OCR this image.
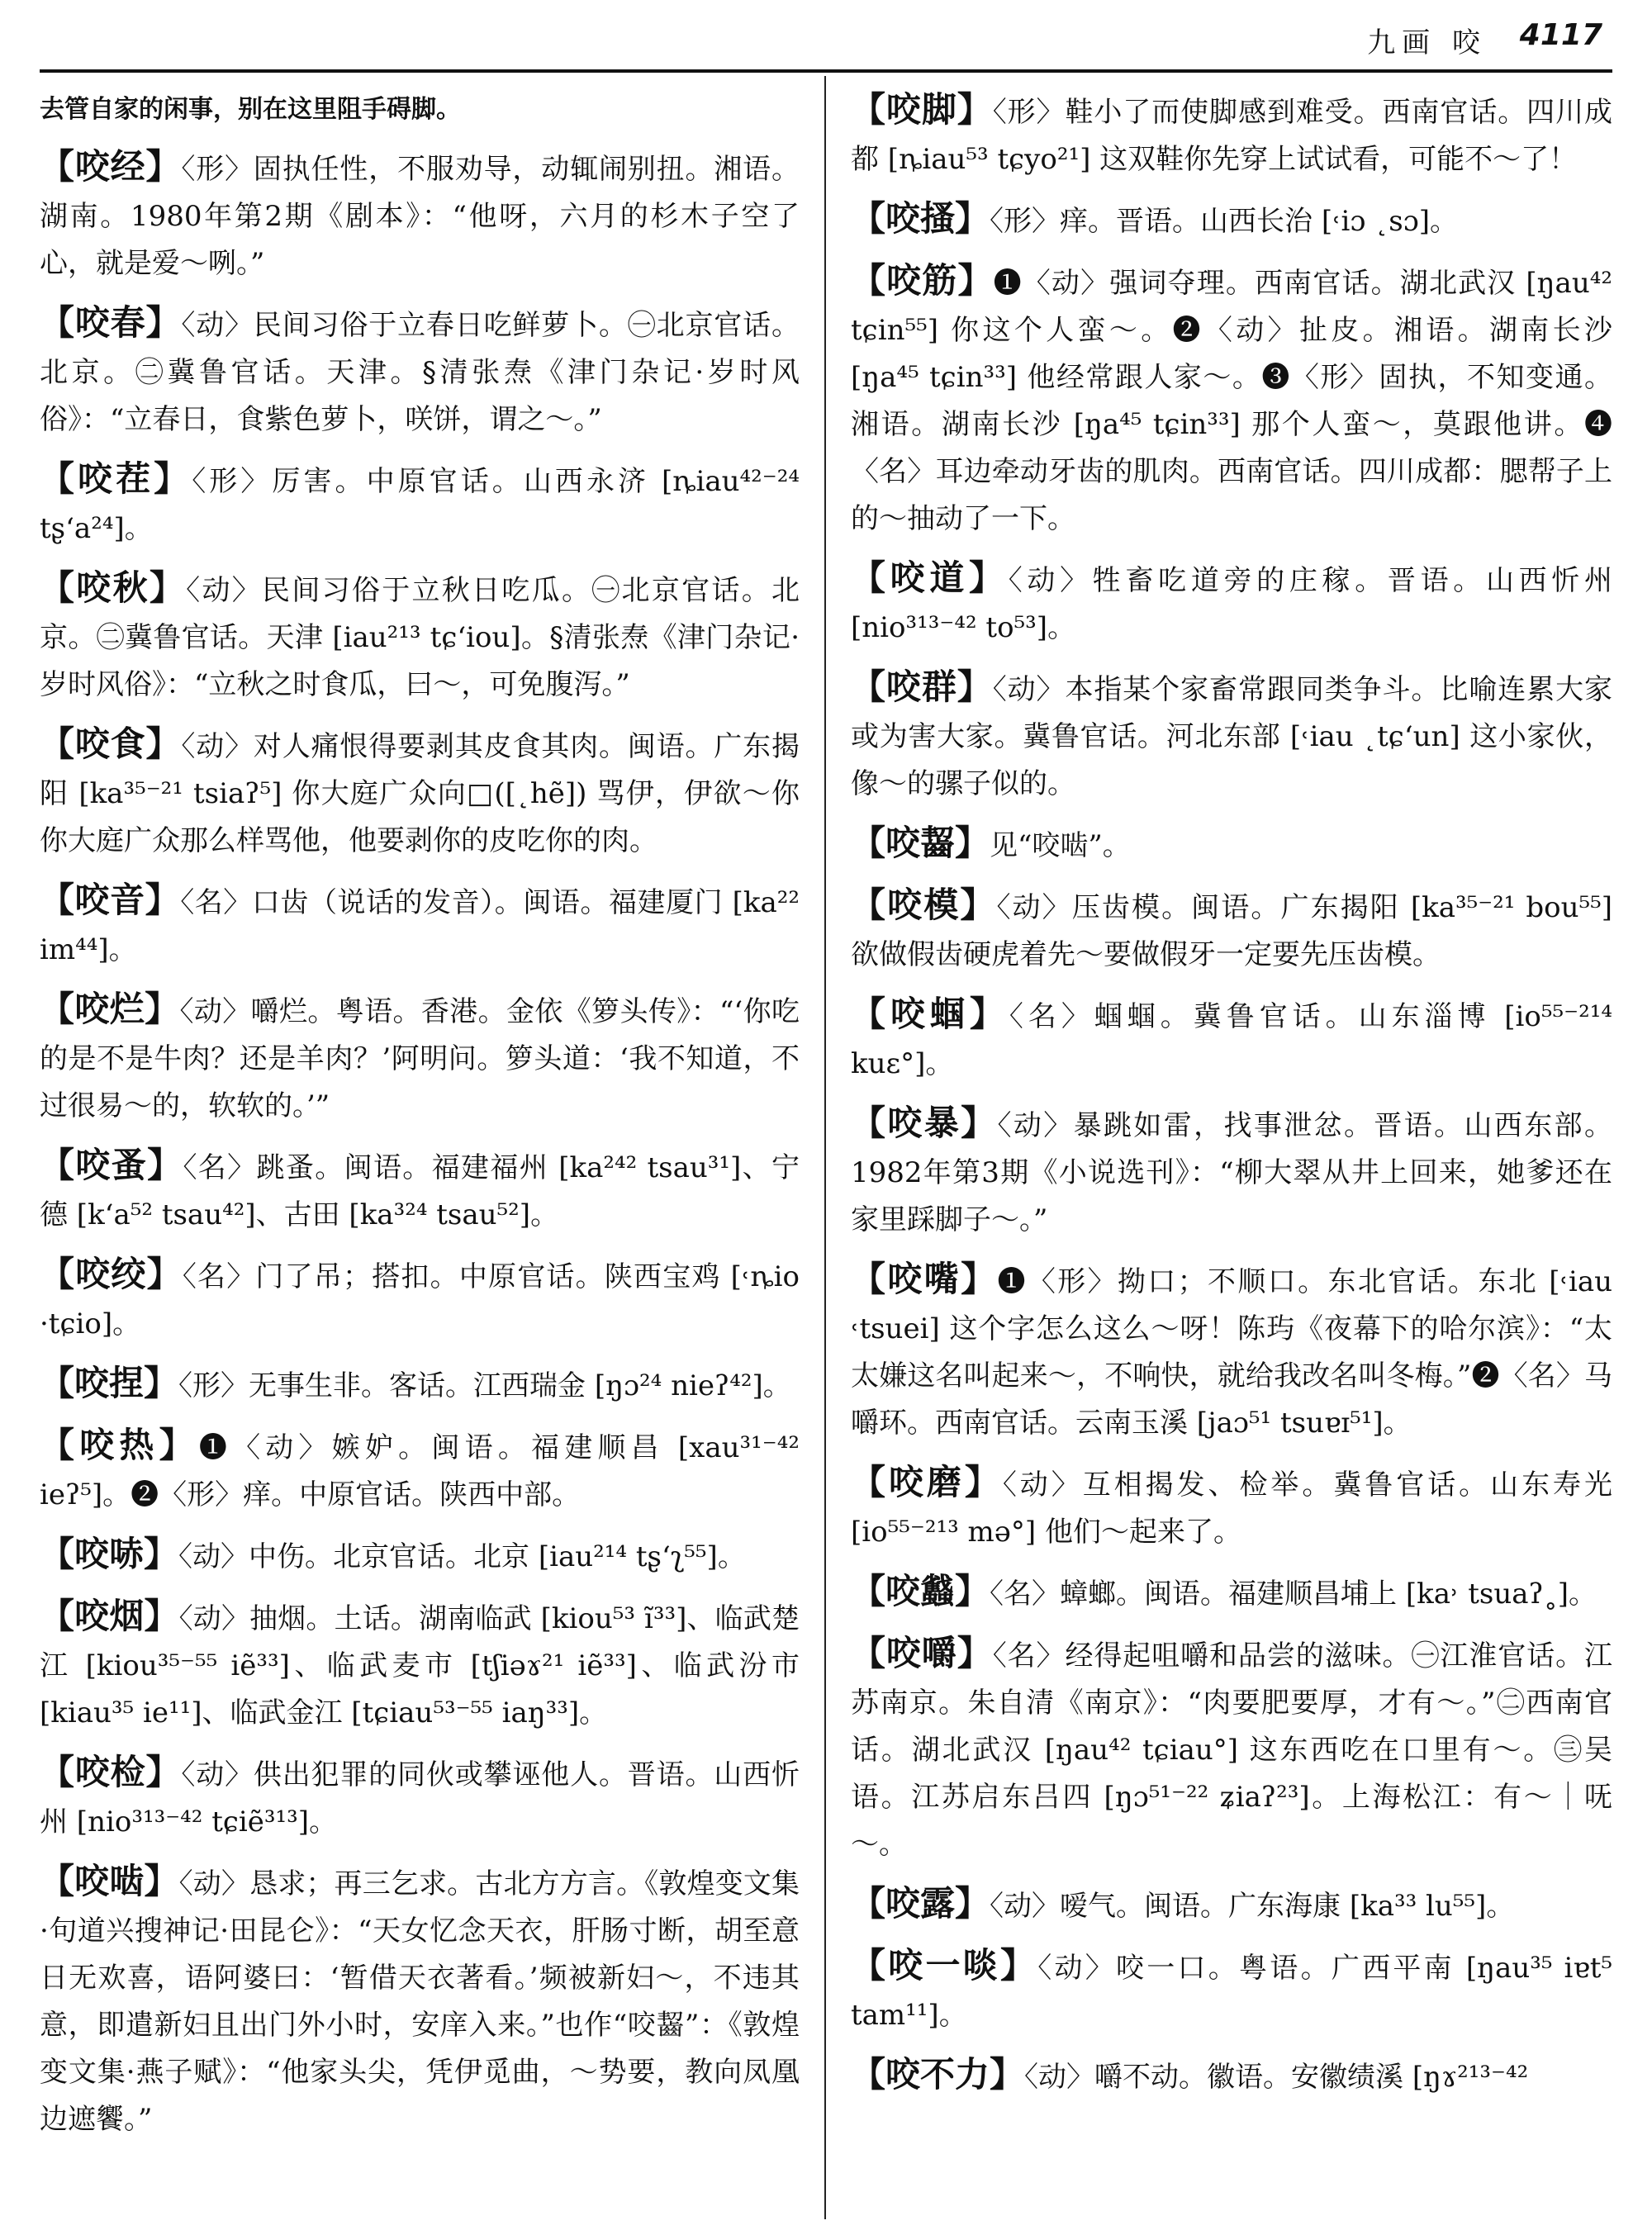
九画 咬 4117
去管自家的闲事，别在这里阻手碍脚。
【咬经】〈形〉固执任性，不服劝导，动辄闹别扭。湘语。湖南。1980年第2期《剧本》：“他呀，六月的杉木子空了心，就是爱～咧。”
【咬春】〈动〉民间习俗于立春日吃鲜萝卜。㊀北京官话。北京。㊁冀鲁官话。天津。§清张焘《津门杂记·岁时风俗》：“立春日，食紫色萝卜，咲饼，谓之～。”
【咬茬】〈形〉厉害。中原官话。山西永济 [ȵiau⁴²⁻²⁴ tʂ‘a²⁴]。
【咬秋】〈动〉民间习俗于立秋日吃瓜。㊀北京官话。北京。㊁冀鲁官话。天津 [iau²¹³ tɕ‘iou]。§清张焘《津门杂记·岁时风俗》：“立秋之时食瓜，曰～，可免腹泻。”
【咬食】〈动〉对人痛恨得要剥其皮食其肉。闽语。广东揭阳 [ka³⁵⁻²¹ tsiaʔ⁵] 你大庭广众向□([˛hẽ]) 骂伊，伊欲～你你大庭广众那么样骂他，他要剥你的皮吃你的肉。
【咬音】〈名〉口齿（说话的发音）。闽语。福建厦门 [ka²² im⁴⁴]。
【咬烂】〈动〉嚼烂。粤语。香港。金依《箩头传》：“‘你吃的是不是牛肉？还是羊肉？’阿明问。箩头道：‘我不知道，不过很易～的，软软的。’”
【咬蚤】〈名〉跳蚤。闽语。福建福州 [ka²⁴² tsau³¹]、宁德 [k‘a⁵² tsau⁴²]、古田 [ka³²⁴ tsau⁵²]。
【咬绞】〈名〉门了吊；搭扣。中原官话。陕西宝鸡 [˓ȵio ·tɕio]。
【咬捏】〈形〉无事生非。客话。江西瑞金 [ŋɔ²⁴ nieʔ⁴²]。
【咬热】❶〈动〉嫉妒。闽语。福建顺昌 [xau³¹⁻⁴² ieʔ⁵]。❷〈形〉痒。中原官话。陕西中部。
【咬哧】〈动〉中伤。北京官话。北京 [iau²¹⁴ tʂ‘ʅ⁵⁵]。
【咬烟】〈动〉抽烟。土话。湖南临武 [kiou⁵³ ĩ³³]、临武楚江 [kiou³⁵⁻⁵⁵ iẽ³³]、临武麦市 [tʃiəɤ²¹ iẽ³³]、临武汾市 [kiau³⁵ ie¹¹]、临武金江 [tɕiau⁵³⁻⁵⁵ iaŋ³³]。
【咬检】〈动〉供出犯罪的同伙或攀诬他人。晋语。山西忻州 [nio³¹³⁻⁴² tɕiẽ³¹³]。
【咬啮】〈动〉恳求；再三乞求。古北方方言。《敦煌变文集·句道兴搜神记·田昆仑》：“天女忆念天衣，肝肠寸断，胡至意日无欢喜，语阿婆曰：‘暂借天衣著看。’频被新妇～，不违其意，即遣新妇且出门外小时，安庠入来。”也作“咬齧”：《敦煌变文集·燕子赋》：“他家头尖，凭伊觅曲，～势要，教向凤凰边遮饗。”
【咬脚】〈形〉鞋小了而使脚感到难受。西南官话。四川成都 [ȵiau⁵³ tɕyo²¹] 这双鞋你先穿上试试看，可能不～了！
【咬搔】〈形〉痒。晋语。山西长治 [˓iɔ ˛sɔ]。
【咬筋】❶〈动〉强词夺理。西南官话。湖北武汉 [ŋau⁴² tɕin⁵⁵] 你这个人蛮～。❷〈动〉扯皮。湘语。湖南长沙 [ŋa⁴⁵ tɕin³³] 他经常跟人家～。❸〈形〉固执，不知变通。湘语。湖南长沙 [ŋa⁴⁵ tɕin³³] 那个人蛮～，莫跟他讲。❹〈名〉耳边牵动牙齿的肌肉。西南官话。四川成都：腮帮子上的～抽动了一下。
【咬道】〈动〉牲畜吃道旁的庄稼。晋语。山西忻州 [nio³¹³⁻⁴² to⁵³]。
【咬群】〈动〉本指某个家畜常跟同类争斗。比喻连累大家或为害大家。冀鲁官话。河北东部 [˓iau ˛tɕ‘un] 这小家伙，像～的骡子似的。
【咬齧】见“咬啮”。
【咬模】〈动〉压齿模。闽语。广东揭阳 [ka³⁵⁻²¹ bou⁵⁵] 欲做假齿硬虎着先～要做假牙一定要先压齿模。
【咬蝈】〈名〉蝈蝈。冀鲁官话。山东淄博 [io⁵⁵⁻²¹⁴ kuɛ°]。
【咬暴】〈动〉暴跳如雷，找事泄忿。晋语。山西东部。1982年第3期《小说选刊》：“柳大翠从井上回来，她爹还在家里踩脚子～。”
【咬嘴】❶〈形〉拗口；不顺口。东北官话。东北 [˓iau ˓tsuei] 这个字怎么这么～呀！陈玙《夜幕下的哈尔滨》：“太太嫌这名叫起来～，不响快，就给我改名叫冬梅。”❷〈名〉马嚼环。西南官话。云南玉溪 [jaɔ⁵¹ tsuɐɪ⁵¹]。
【咬磨】〈动〉互相揭发、检举。冀鲁官话。山东寿光 [io⁵⁵⁻²¹³ mə°] 他们～起来了。
【咬蠽】〈名〉蟑螂。闽语。福建顺昌埔上 [ka˒ tsuaʔ˳]。
【咬嚼】〈名〉经得起咀嚼和品尝的滋味。㊀江淮官话。江苏南京。朱自清《南京》：“肉要肥要厚，才有～。”㊁西南官话。湖北武汉 [ŋau⁴² tɕiau°] 这东西吃在口里有～。㊂吴语。江苏启东吕四 [ŋɔ⁵¹⁻²² ʑiaʔ²³]。上海松江：有～｜呒～。
【咬露】〈动〉嗳气。闽语。广东海康 [ka³³ lu⁵⁵]。
【咬一啖】〈动〉咬一口。粤语。广西平南 [ŋau³⁵ iɐt⁵ tam¹¹]。
【咬不力】〈动〉嚼不动。徽语。安徽绩溪 [ŋɤ²¹³⁻⁴²
